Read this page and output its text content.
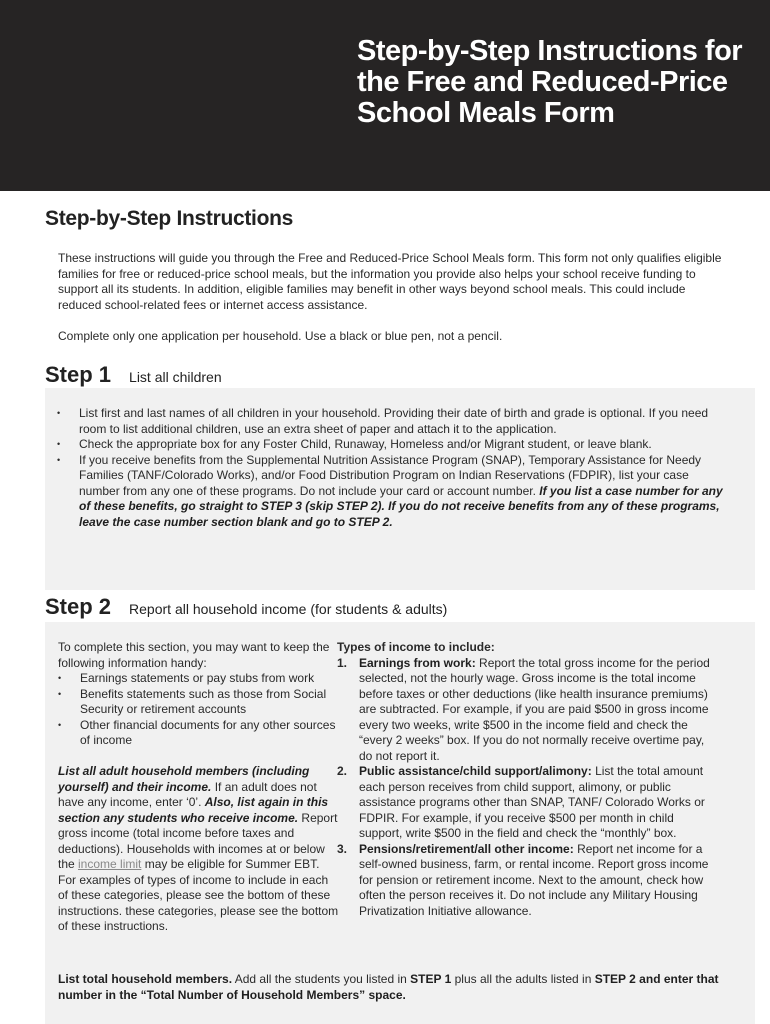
Step-by-Step Instructions for the Free and Reduced-Price School Meals Form
Step-by-Step Instructions

These instructions will guide you through the Free and Reduced-Price School Meals form. This form not only qualifies eligible families for free or reduced-price school meals, but the information you provide also helps your school receive funding to support all its students. In addition, eligible families may benefit in other ways beyond school meals. This could include reduced school-related fees or internet access assistance.

Complete only one application per household. Use a black or blue pen, not a pencil.

Step 1 List all children
• List first and last names of all children in your household. Providing their date of birth and grade is optional. If you need room to list additional children, use an extra sheet of paper and attach it to the application.
• Check the appropriate box for any Foster Child, Runaway, Homeless and/or Migrant student, or leave blank.
• If you receive benefits from the Supplemental Nutrition Assistance Program (SNAP), Temporary Assistance for Needy Families (TANF/Colorado Works), and/or Food Distribution Program on Indian Reservations (FDPIR), list your case number from any one of these programs. Do not include your card or account number. If you list a case number for any of these benefits, go straight to STEP 3 (skip STEP 2). If you do not receive benefits from any of these programs, leave the case number section blank and go to STEP 2.
Step 2 Report all household income (for students & adults)
To complete this section, you may want to keep the following information handy:
• Earnings statements or pay stubs from work
• Benefits statements such as those from Social Security or retirement accounts
• Other financial documents for any other sources of income

List all adult household members (including yourself) and their income. If an adult does not have any income, enter ‘0’. Also, list again in this section any students who receive income. Report gross income (total income before taxes and deductions). Households with incomes at or below the income limit may be eligible for Summer EBT. For examples of types of income to include in each of these categories, please see the bottom of these instructions. these categories, please see the bottom of these instructions.

Types of income to include:
1. Earnings from work: Report the total gross income for the period selected, not the hourly wage. Gross income is the total income before taxes or other deductions (like health insurance premiums) are subtracted. For example, if you are paid $500 in gross income every two weeks, write $500 in the income field and check the “every 2 weeks” box. If you do not normally receive overtime pay, do not report it.
2. Public assistance/child support/alimony: List the total amount each person receives from child support, alimony, or public assistance programs other than SNAP, TANF/ Colorado Works or FDPIR. For example, if you receive $500 per month in child support, write $500 in the field and check the “monthly” box.
3. Pensions/retirement/all other income: Report net income for a self-owned business, farm, or rental income. Report gross income for pension or retirement income. Next to the amount, check how often the person receives it. Do not include any Military Housing Privatization Initiative allowance.

List total household members. Add all the students you listed in STEP 1 plus all the adults listed in STEP 2 and enter that number in the “Total Number of Household Members” space.
